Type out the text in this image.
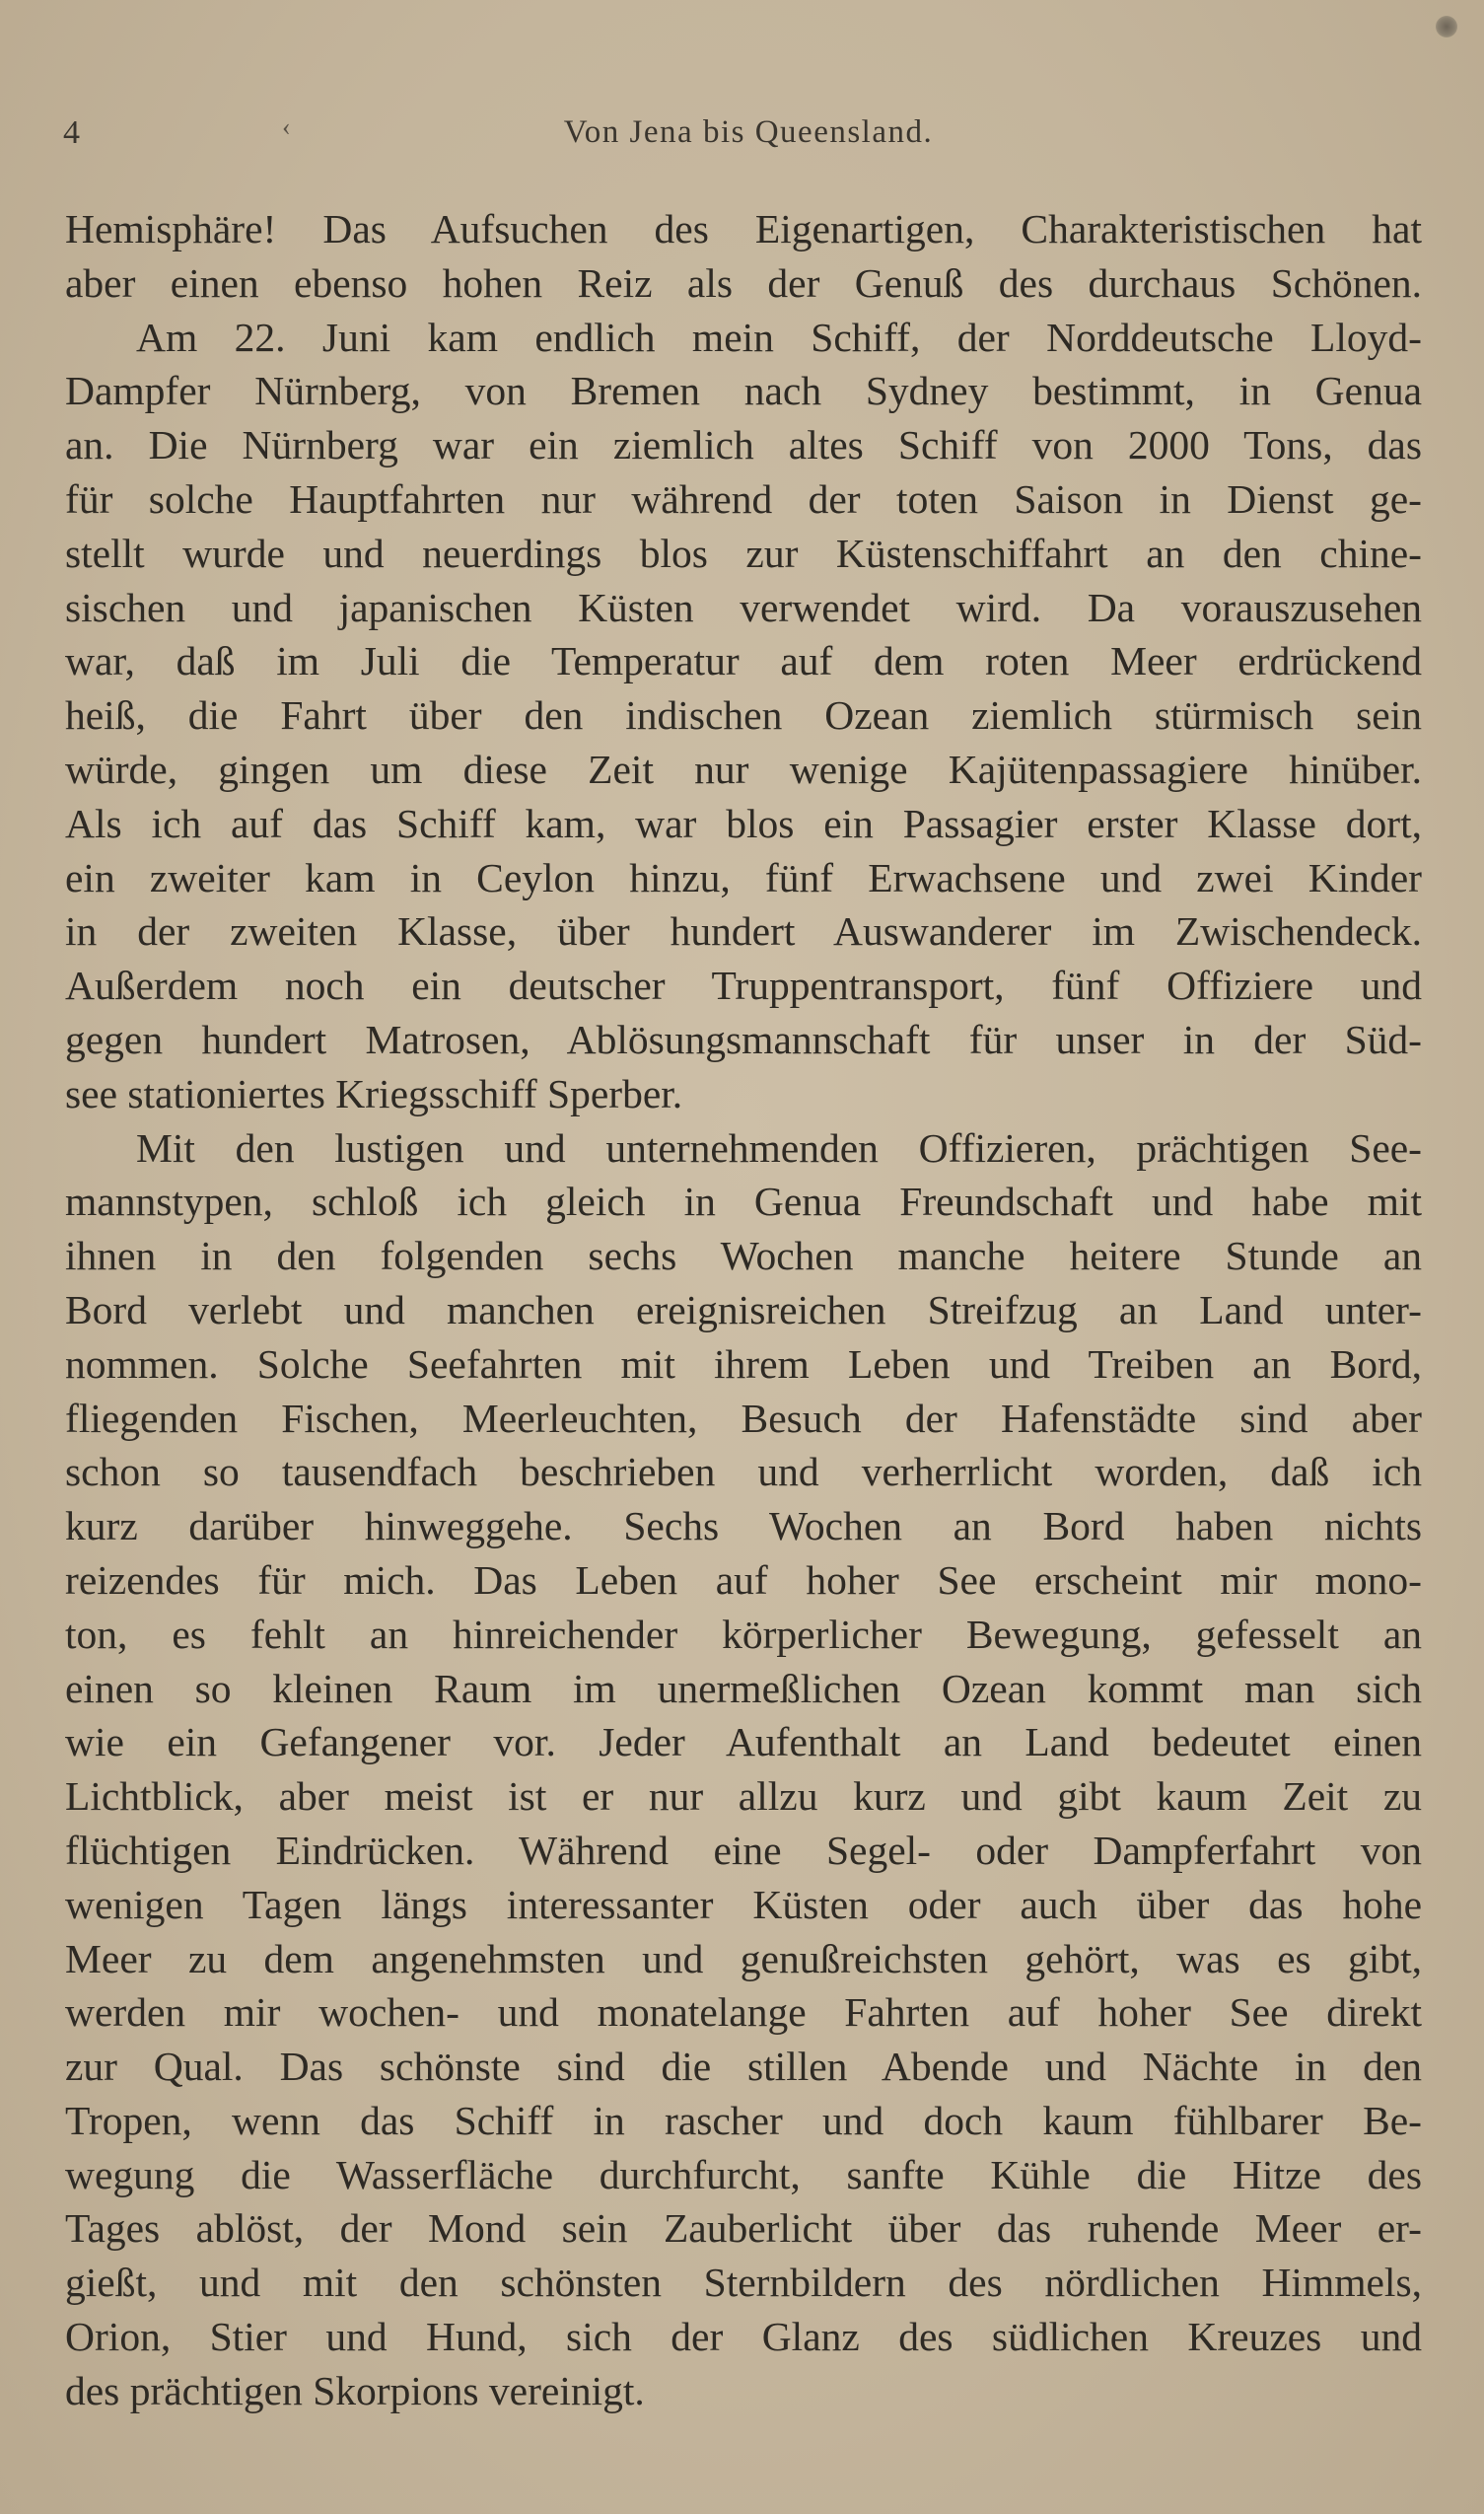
4	‹	Von Jena bis Queensland.
Hemisphäre! Das Aufsuchen des Eigenartigen, Charakteristischen hat
aber einen ebenso hohen Reiz als der Genuß des durchaus Schönen.
Am 22. Juni kam endlich mein Schiff, der Norddeutsche Lloyd-
Dampfer Nürnberg, von Bremen nach Sydney bestimmt, in Genua
an. Die Nürnberg war ein ziemlich altes Schiff von 2000 Tons, das
für solche Hauptfahrten nur während der toten Saison in Dienst ge-
stellt wurde und neuerdings blos zur Küstenschiffahrt an den chine-
sischen und japanischen Küsten verwendet wird. Da vorauszusehen
war, daß im Juli die Temperatur auf dem roten Meer erdrückend
heiß, die Fahrt über den indischen Ozean ziemlich stürmisch sein
würde, gingen um diese Zeit nur wenige Kajütenpassagiere hinüber.
Als ich auf das Schiff kam, war blos ein Passagier erster Klasse dort,
ein zweiter kam in Ceylon hinzu, fünf Erwachsene und zwei Kinder
in der zweiten Klasse, über hundert Auswanderer im Zwischendeck.
Außerdem noch ein deutscher Truppentransport, fünf Offiziere und
gegen hundert Matrosen, Ablösungsmannschaft für unser in der Süd-
see stationiertes Kriegsschiff Sperber.
Mit den lustigen und unternehmenden Offizieren, prächtigen See-
mannstypen, schloß ich gleich in Genua Freundschaft und habe mit
ihnen in den folgenden sechs Wochen manche heitere Stunde an
Bord verlebt und manchen ereignisreichen Streifzug an Land unter-
nommen. Solche Seefahrten mit ihrem Leben und Treiben an Bord,
fliegenden Fischen, Meerleuchten, Besuch der Hafenstädte sind aber
schon so tausendfach beschrieben und verherrlicht worden, daß ich
kurz darüber hinweggehe. Sechs Wochen an Bord haben nichts
reizendes für mich. Das Leben auf hoher See erscheint mir mono-
ton, es fehlt an hinreichender körperlicher Bewegung, gefesselt an
einen so kleinen Raum im unermeßlichen Ozean kommt man sich
wie ein Gefangener vor. Jeder Aufenthalt an Land bedeutet einen
Lichtblick, aber meist ist er nur allzu kurz und gibt kaum Zeit zu
flüchtigen Eindrücken. Während eine Segel- oder Dampferfahrt von
wenigen Tagen längs interessanter Küsten oder auch über das hohe
Meer zu dem angenehmsten und genußreichsten gehört, was es gibt,
werden mir wochen- und monatelange Fahrten auf hoher See direkt
zur Qual. Das schönste sind die stillen Abende und Nächte in den
Tropen, wenn das Schiff in rascher und doch kaum fühlbarer Be-
wegung die Wasserfläche durchfurcht, sanfte Kühle die Hitze des
Tages ablöst, der Mond sein Zauberlicht über das ruhende Meer er-
gießt, und mit den schönsten Sternbildern des nördlichen Himmels,
Orion, Stier und Hund, sich der Glanz des südlichen Kreuzes und
des prächtigen Skorpions vereinigt.
